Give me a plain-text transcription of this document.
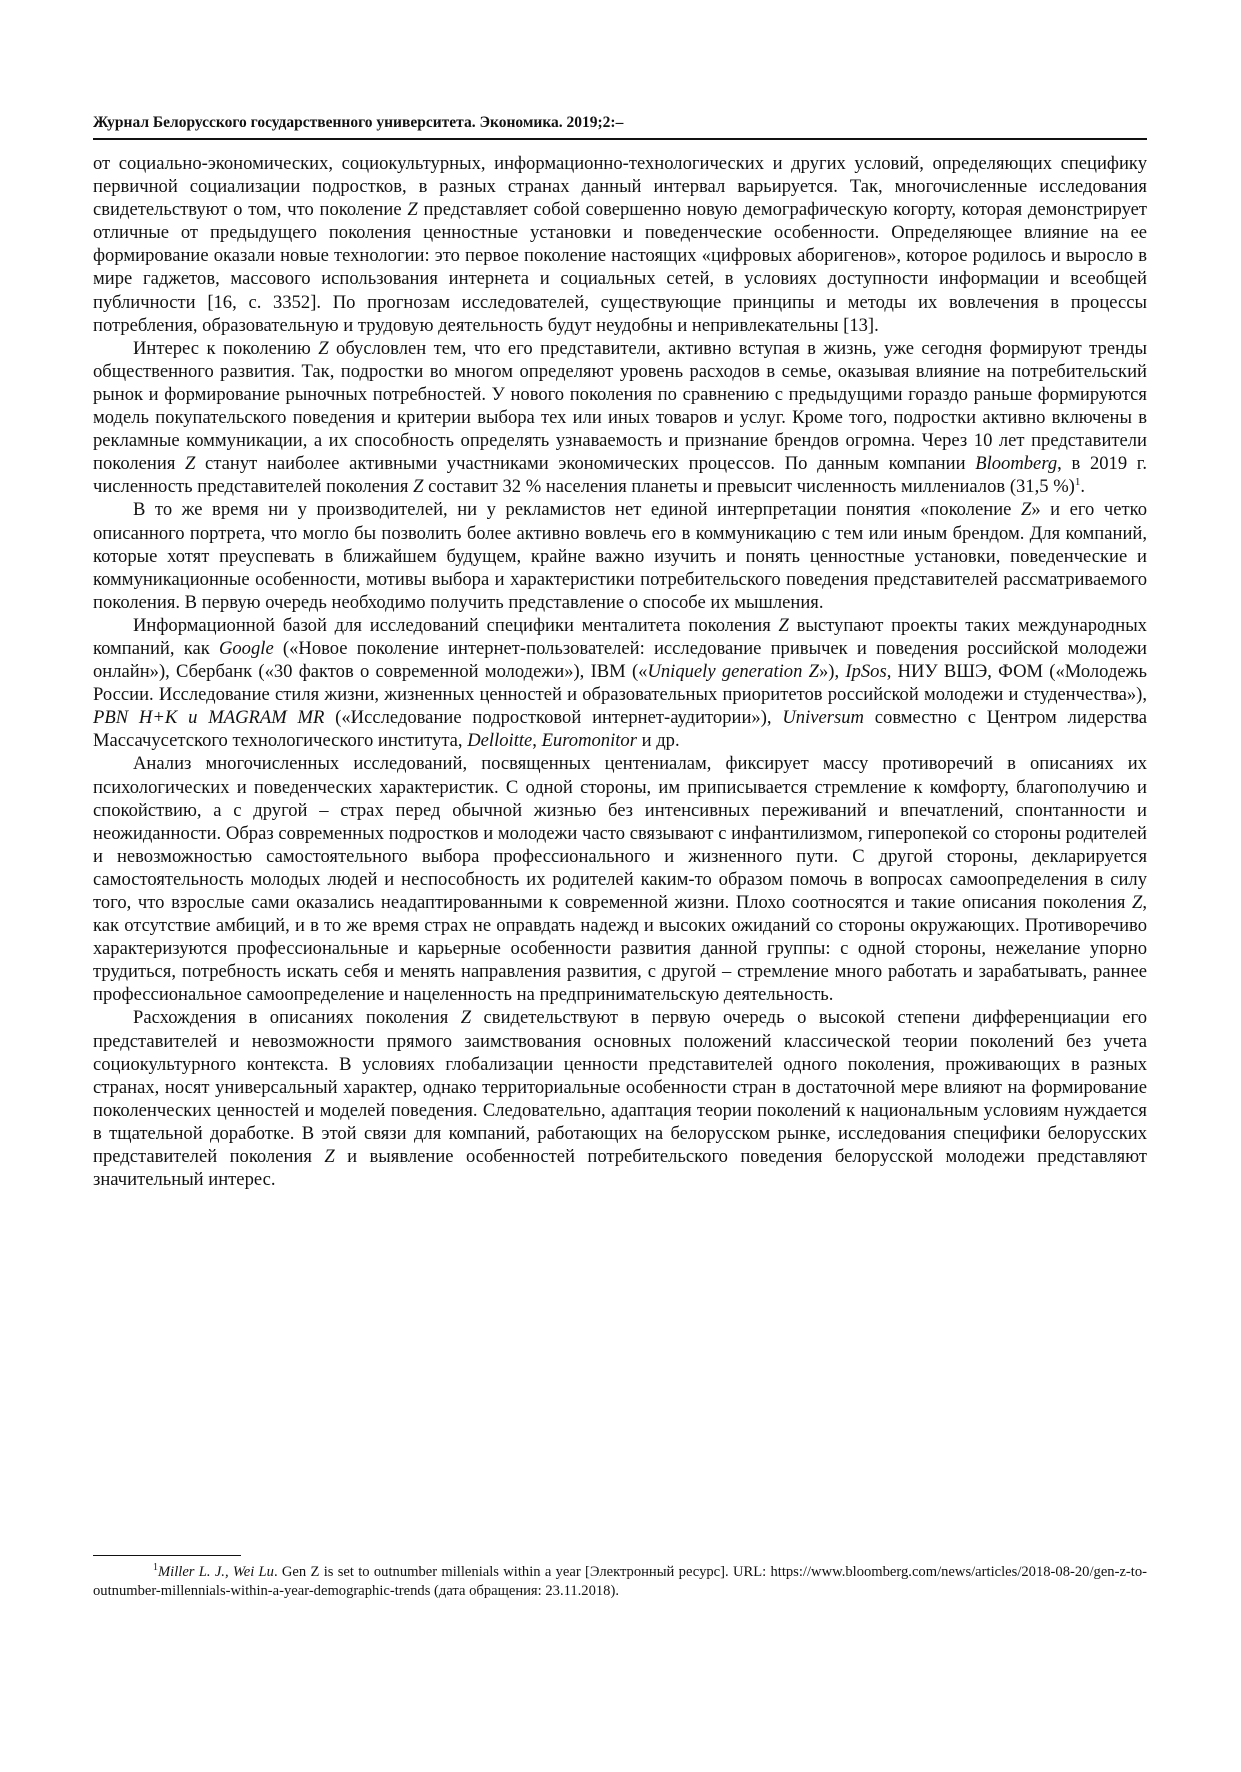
Журнал Белорусского государственного университета. Экономика. 2019;2:–

от социально-экономических, социокультурных, информационно-технологических и других условий, определяющих специфику первичной социализации подростков, в разных странах данный интервал варьируется. Так, многочисленные исследования свидетельствуют о том, что поколение Z представляет собой совершенно новую демографическую когорту, которая демонстрирует отличные от предыдущего поколения ценностные установки и поведенческие особенности. Определяющее влияние на ее формирование оказали новые технологии: это первое поколение настоящих «цифровых аборигенов», которое родилось и выросло в мире гаджетов, массового использования интернета и социальных сетей, в условиях доступности информации и всеобщей публичности [16, с. 3352]. По прогнозам исследователей, существующие принципы и методы их вовлечения в процессы потребления, образовательную и трудовую деятельность будут неудобны и непривлекательны [13].

Интерес к поколению Z обусловлен тем, что его представители, активно вступая в жизнь, уже сегодня формируют тренды общественного развития. Так, подростки во многом определяют уровень расходов в семье, оказывая влияние на потребительский рынок и формирование рыночных потребностей. У нового поколения по сравнению с предыдущими гораздо раньше формируются модель покупательского поведения и критерии выбора тех или иных товаров и услуг. Кроме того, подростки активно включены в рекламные коммуникации, а их способность определять узнаваемость и признание брендов огромна. Через 10 лет представители поколения Z станут наиболее активными участниками экономических процессов. По данным компании Bloomberg, в 2019 г. численность представителей поколения Z составит 32 % населения планеты и превысит численность миллениалов (31,5 %)$^1$.

В то же время ни у производителей, ни у рекламистов нет единой интерпретации понятия «поколение Z» и его четко описанного портрета, что могло бы позволить более активно вовлечь его в коммуникацию с тем или иным брендом. Для компаний, которые хотят преуспевать в ближайшем будущем, крайне важно изучить и понять ценностные установки, поведенческие и коммуникационные особенности, мотивы выбора и характеристики потребительского поведения представителей рассматриваемого поколения. В первую очередь необходимо получить представление о способе их мышления.

Информационной базой для исследований специфики менталитета поколения Z выступают проекты таких международных компаний, как Google («Новое поколение интернет-пользователей: исследование привычек и поведения российской молодежи онлайн»), Сбербанк («30 фактов о современной молодежи»), IBM («Uniquely generation Z»), IpSos, НИУ ВШЭ, ФОМ («Молодежь России. Исследование стиля жизни, жизненных ценностей и образовательных приоритетов российской молодежи и студенчества»), PBN H+K и MAGRAM MR («Исследование подростковой интернет-аудитории»), Universum совместно с Центром лидерства Массачусетского технологического института, Delloitte, Euromonitor и др.

Анализ многочисленных исследований, посвященных центениалам, фиксирует массу противоречий в описаниях их психологических и поведенческих характеристик. С одной стороны, им приписывается стремление к комфорту, благополучию и спокойствию, а с другой – страх перед обычной жизнью без интенсивных переживаний и впечатлений, спонтанности и неожиданности. Образ современных подростков и молодежи часто связывают с инфантилизмом, гиперопекой со стороны родителей и невозможностью самостоятельного выбора профессионального и жизненного пути. С другой стороны, декларируется самостоятельность молодых людей и неспособность их родителей каким-то образом помочь в вопросах самоопределения в силу того, что взрослые сами оказались неадаптированными к современной жизни. Плохо соотносятся и такие описания поколения Z, как отсутствие амбиций, и в то же время страх не оправдать надежд и высоких ожиданий со стороны окружающих. Противоречиво характеризуются профессиональные и карьерные особенности развития данной группы: с одной стороны, нежелание упорно трудиться, потребность искать себя и менять направления развития, с другой – стремление много работать и зарабатывать, раннее профессиональное самоопределение и нацеленность на предпринимательскую деятельность.

Расхождения в описаниях поколения Z свидетельствуют в первую очередь о высокой степени дифференциации его представителей и невозможности прямого заимствования основных положений классической теории поколений без учета социокультурного контекста. В условиях глобализации ценности представителей одного поколения, проживающих в разных странах, носят универсальный характер, однако территориальные особенности стран в достаточной мере влияют на формирование поколенческих ценностей и моделей поведения. Следовательно, адаптация теории поколений к национальным условиям нуждается в тщательной доработке. В этой связи для компаний, работающих на белорусском рынке, исследования специфики белорусских представителей поколения Z и выявление особенностей потребительского поведения белорусской молодежи представляют значительный интерес.

$^1$Miller L. J., Wei Lu. Gen Z is set to outnumber millenials within a year [Электронный ресурс]. URL: https://www.bloomberg.com/news/articles/2018-08-20/gen-z-to-outnumber-millennials-within-a-year-demographic-trends (дата обращения: 23.11.2018).
